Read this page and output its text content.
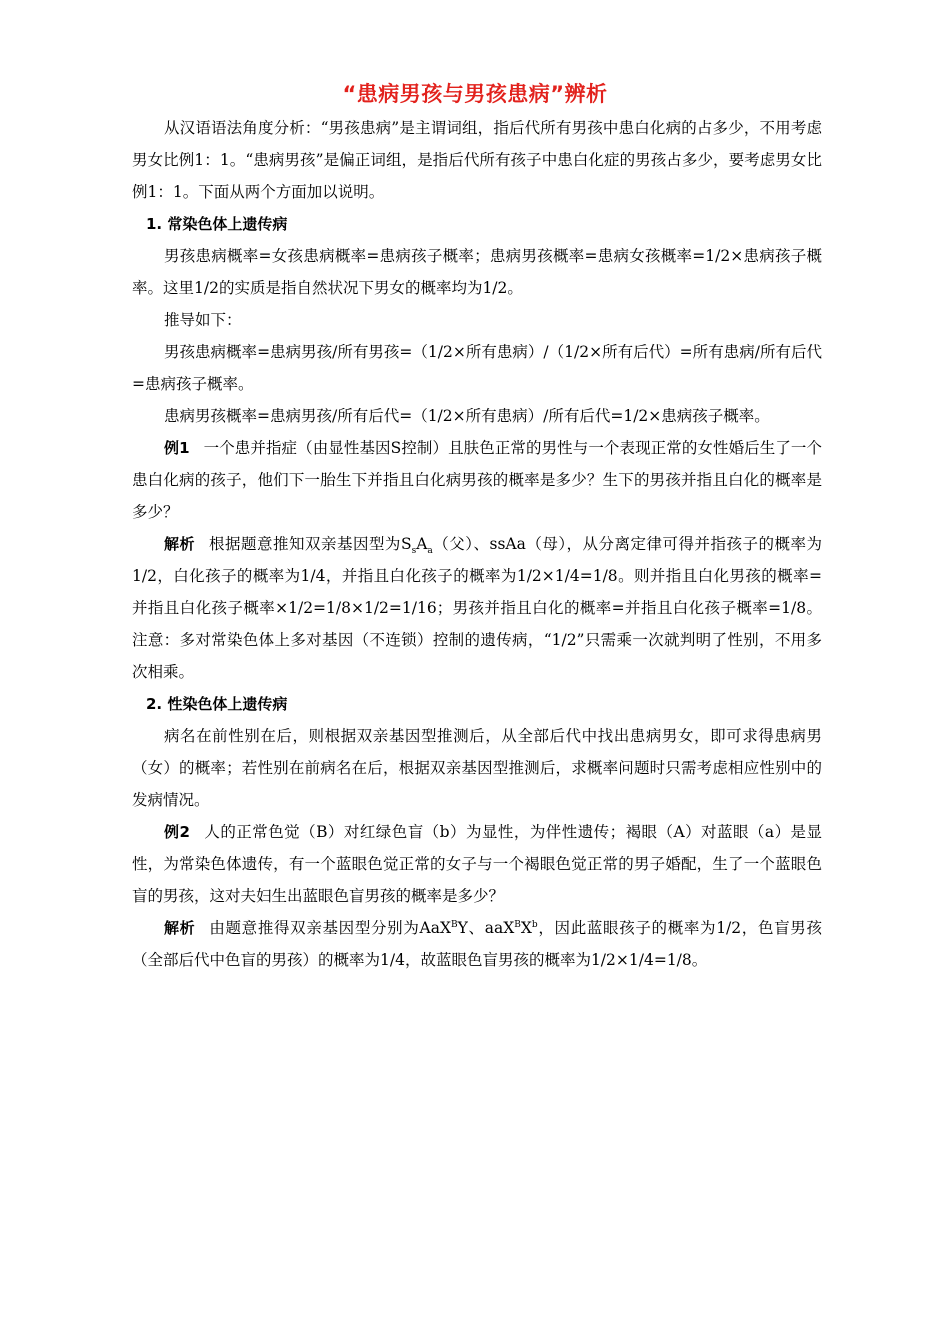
“患病男孩与男孩患病”辨析

从汉语语法角度分析：“男孩患病”是主谓词组，指后代所有男孩中患白化病的占多少，不用考虑男女比例1：1。“患病男孩”是偏正词组，是指后代所有孩子中患白化症的男孩占多少，要考虑男女比例1：1。下面从两个方面加以说明。

1. 常染色体上遗传病

男孩患病概率=女孩患病概率=患病孩子概率；患病男孩概率=患病女孩概率=1/2×患病孩子概率。这里1/2的实质是指自然状况下男女的概率均为1/2。

推导如下：

男孩患病概率=患病男孩/所有男孩=（1/2×所有患病）/（1/2×所有后代）=所有患病/所有后代=患病孩子概率。

患病男孩概率=患病男孩/所有后代=（1/2×所有患病）/所有后代=1/2×患病孩子概率。

例1 一个患并指症（由显性基因S控制）且肤色正常的男性与一个表现正常的女性婚后生了一个患白化病的孩子，他们下一胎生下并指且白化病男孩的概率是多少？生下的男孩并指且白化的概率是多少？

解析 根据题意推知双亲基因型为$S_sA_a$（父）、ssAa（母），从分离定律可得并指孩子的概率为1/2，白化孩子的概率为1/4，并指且白化孩子的概率为1/2×1/4=1/8。则并指且白化男孩的概率=并指且白化孩子概率×1/2=1/8×1/2=1/16；男孩并指且白化的概率=并指且白化孩子概率=1/8。注意：多对常染色体上多对基因（不连锁）控制的遗传病，“1/2”只需乘一次就判明了性别，不用多次相乘。

2. 性染色体上遗传病

病名在前性别在后，则根据双亲基因型推测后，从全部后代中找出患病男女，即可求得患病男（女）的概率；若性别在前病名在后，根据双亲基因型推测后，求概率问题时只需考虑相应性别中的发病情况。

例2 人的正常色觉（B）对红绿色盲（b）为显性，为伴性遗传；褐眼（A）对蓝眼（a）是显性，为常染色体遗传，有一个蓝眼色觉正常的女子与一个褐眼色觉正常的男子婚配，生了一个蓝眼色盲的男孩，这对夫妇生出蓝眼色盲男孩的概率是多少？

解析 由题意推得双亲基因型分别为AaX$^B$Y、$aaX^BX^b$，因此蓝眼孩子的概率为1/2，色盲男孩（全部后代中色盲的男孩）的概率为1/4，故蓝眼色盲男孩的概率为1/2×1/4=1/8。
